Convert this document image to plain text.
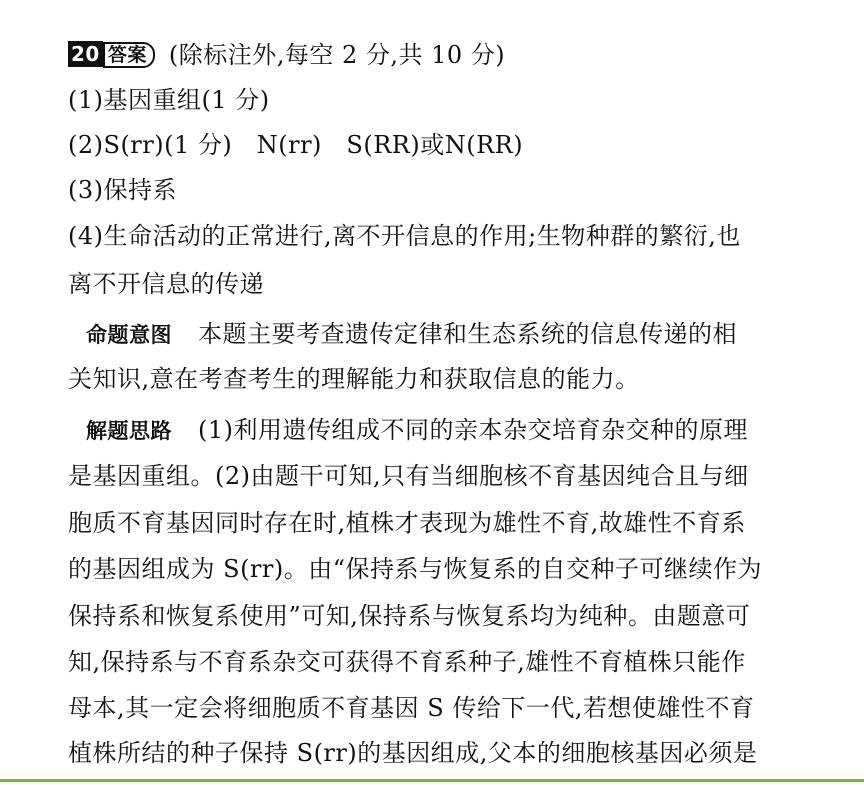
20 答案 (除标注外,每空 2 分,共 10 分)
(1)基因重组(1 分)
(2)S(rr)(1 分)　N(rr)　S(RR)或N(RR)
(3)保持系
(4)生命活动的正常进行,离不开信息的作用;生物种群的繁衍,也
离不开信息的传递
命题意图 本题主要考查遗传定律和生态系统的信息传递的相
关知识,意在考查考生的理解能力和获取信息的能力。
解题思路 (1)利用遗传组成不同的亲本杂交培育杂交种的原理
是基因重组。(2)由题干可知,只有当细胞核不育基因纯合且与细
胞质不育基因同时存在时,植株才表现为雄性不育,故雄性不育系
的基因组成为 S(rr)。由“保持系与恢复系的自交种子可继续作为
保持系和恢复系使用”可知,保持系与恢复系均为纯种。由题意可
知,保持系与不育系杂交可获得不育系种子,雄性不育植株只能作
母本,其一定会将细胞质不育基因 S 传给下一代,若想使雄性不育
植株所结的种子保持 S(rr)的基因组成,父本的细胞核基因必须是
